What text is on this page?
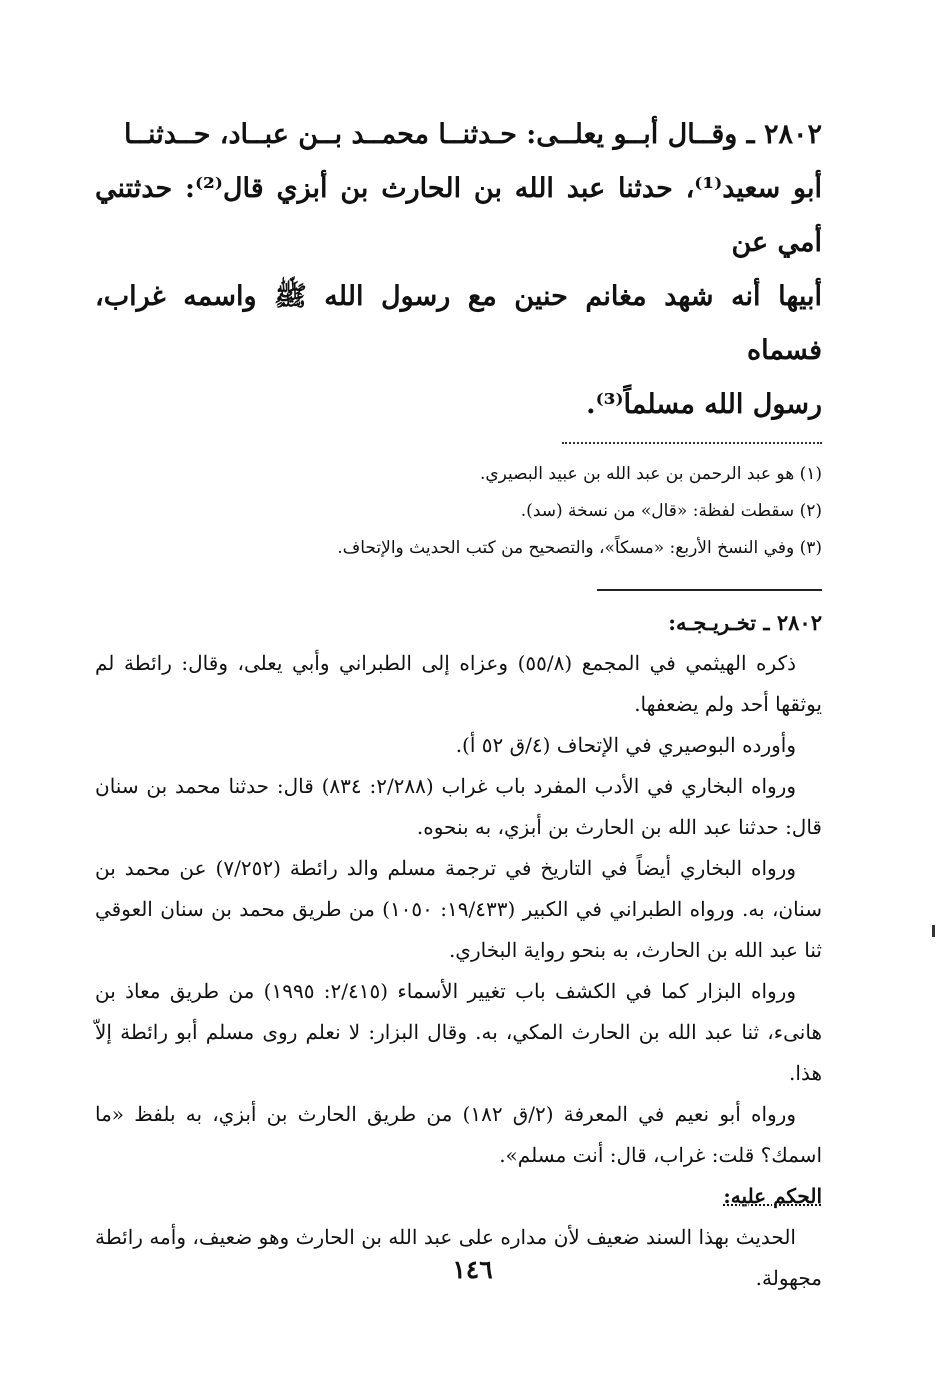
٢٨٠٢ ـ وقــال أبــو يعلــى: حـدثنــا محمــد بــن عبــاد، حــدثنــا

أبو سعيد⁽¹⁾، حدثنا عبد الله بن الحارث بن أبزي قال⁽²⁾: حدثتني أمي عن

أبيها أنه شهد مغانم حنين مع رسول الله ﷺ واسمه غراب، فسماه

رسول الله مسلماً⁽³⁾.

(١) هو عبد الرحمن بن عبد الله بن عبيد البصيري.

(٢) سقطت لفظة: «قال» من نسخة (سد).

(٣) وفي النسخ الأربع: «مسكاً»، والتصحيح من كتب الحديث والإتحاف.

٢٨٠٢ ـ تخـريـجـه:

ذكره الهيثمي في المجمع (٥٥/٨) وعزاه إلى الطبراني وأبي يعلى، وقال: رائطة لم يوثقها أحد ولم يضعفها.

وأورده البوصيري في الإتحاف (٤/ق ٥٢ أ).

ورواه البخاري في الأدب المفرد باب غراب (٢/٢٨٨: ٨٣٤) قال: حدثنا محمد بن سنان قال: حدثنا عبد الله بن الحارث بن أبزي، به بنحوه.

ورواه البخاري أيضاً في التاريخ في ترجمة مسلم والد رائطة (٧/٢٥٢) عن محمد بن سنان، به. ورواه الطبراني في الكبير (١٩/٤٣٣: ١٠٥٠) من طريق محمد بن سنان العوقي ثنا عبد الله بن الحارث، به بنحو رواية البخاري.

ورواه البزار كما في الكشف باب تغيير الأسماء (٢/٤١٥: ١٩٩٥) من طريق معاذ بن هانىء، ثنا عبد الله بن الحارث المكي، به. وقال البزار: لا نعلم روى مسلم أبو رائطة إلاّ هذا.

ورواه أبو نعيم في المعرفة (٢/ق ١٨٢) من طريق الحارث بن أبزي، به بلفظ «ما اسمك؟ قلت: غراب، قال: أنت مسلم».

الحكم عليه:

الحديث بهذا السند ضعيف لأن مداره على عبد الله بن الحارث وهو ضعيف، وأمه رائطة مجهولة.

١٤٦
